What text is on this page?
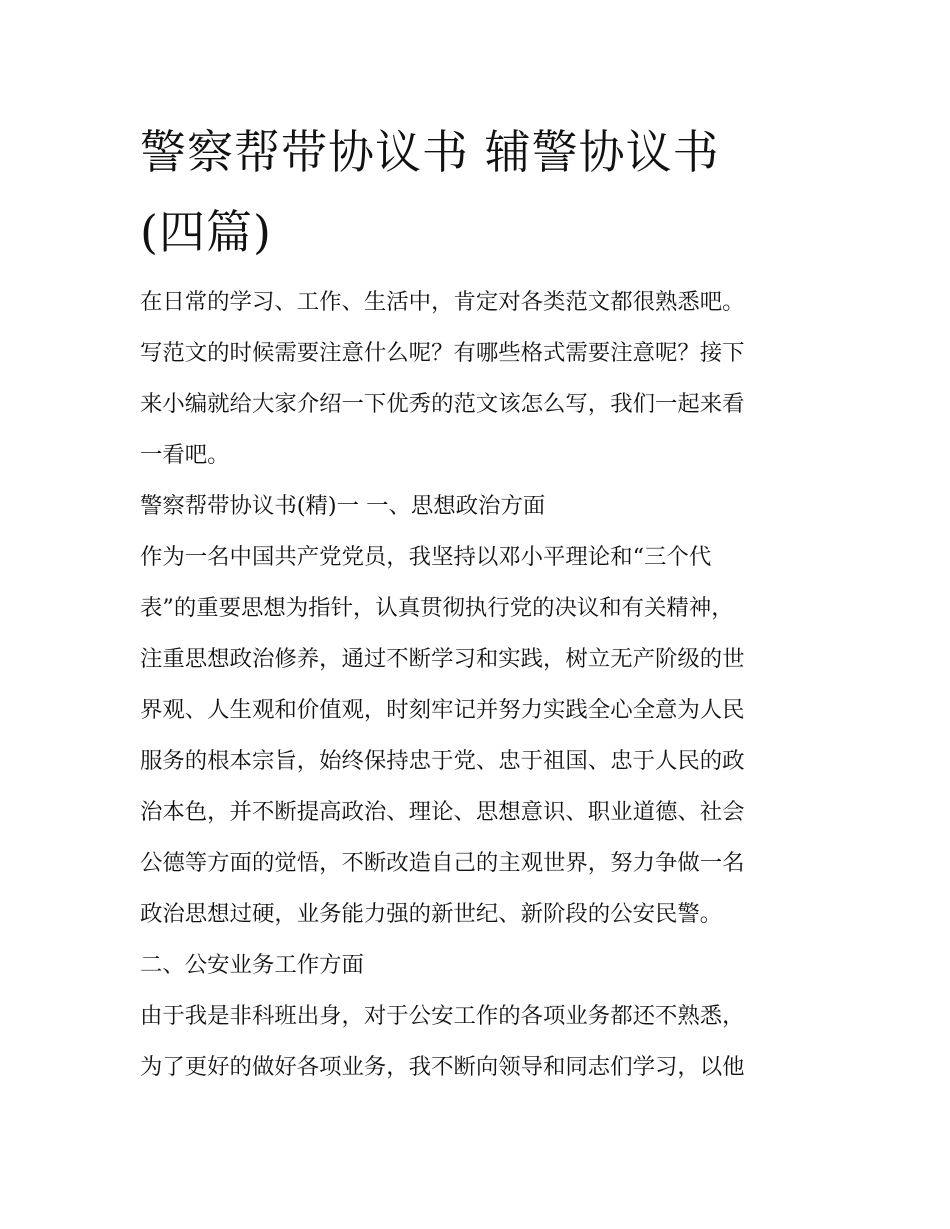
警察帮带协议书 辅警协议书
(四篇)
在日常的学习、工作、生活中，肯定对各类范文都很熟悉吧。
写范文的时候需要注意什么呢？有哪些格式需要注意呢？接下
来小编就给大家介绍一下优秀的范文该怎么写，我们一起来看
一看吧。
警察帮带协议书(精)一 一、思想政治方面
作为一名中国共产党党员，我坚持以邓小平理论和“三个代
表”的重要思想为指针，认真贯彻执行党的决议和有关精神，
注重思想政治修养，通过不断学习和实践，树立无产阶级的世
界观、人生观和价值观，时刻牢记并努力实践全心全意为人民
服务的根本宗旨，始终保持忠于党、忠于祖国、忠于人民的政
治本色，并不断提高政治、理论、思想意识、职业道德、社会
公德等方面的觉悟，不断改造自己的主观世界，努力争做一名
政治思想过硬，业务能力强的新世纪、新阶段的公安民警。
二、公安业务工作方面
由于我是非科班出身，对于公安工作的各项业务都还不熟悉，
为了更好的做好各项业务，我不断向领导和同志们学习，以他
